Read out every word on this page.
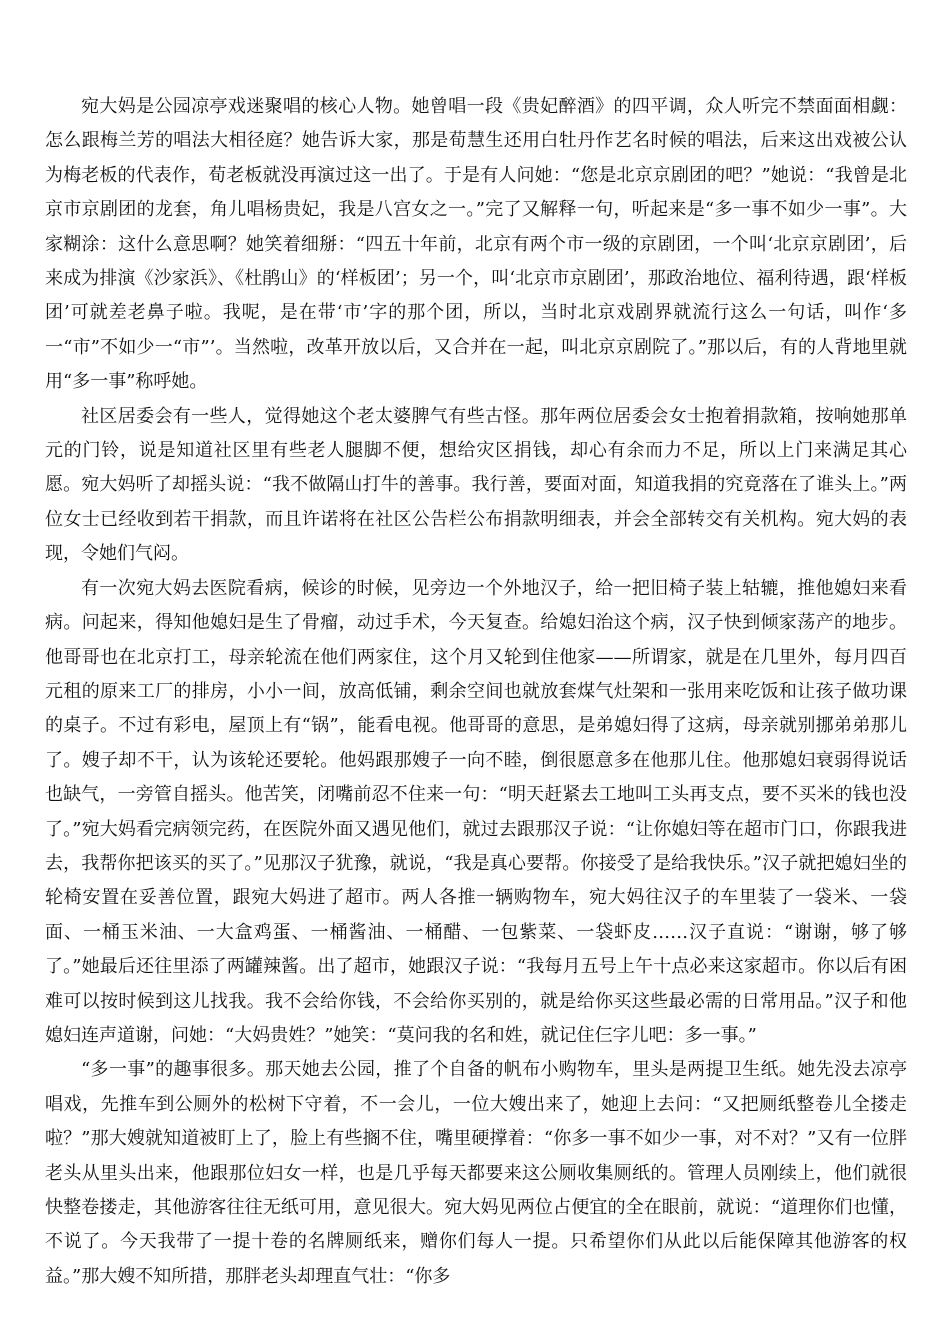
宛大妈是公园凉亭戏迷聚唱的核心人物。她曾唱一段《贵妃醉酒》的四平调，众人听完不禁面面相觑：怎么跟梅兰芳的唱法大相径庭？她告诉大家，那是荀慧生还用白牡丹作艺名时候的唱法，后来这出戏被公认为梅老板的代表作，荀老板就没再演过这一出了。于是有人问她：“您是北京京剧团的吧？”她说：“我曾是北京市京剧团的龙套，角儿唱杨贵妃，我是八宫女之一。”完了又解释一句，听起来是“多一事不如少一事”。大家糊涂：这什么意思啊？她笑着细掰：“四五十年前，北京有两个市一级的京剧团，一个叫‘北京京剧团’，后来成为排演《沙家浜》、《杜鹃山》的‘样板团’；另一个，叫‘北京市京剧团’，那政治地位、福利待遇，跟‘样板团’可就差老鼻子啦。我呢，是在带‘市’字的那个团，所以，当时北京戏剧界就流行这么一句话，叫作‘多一“市”不如少一“市”’。当然啦，改革开放以后，又合并在一起，叫北京京剧院了。”那以后，有的人背地里就用“多一事”称呼她。

社区居委会有一些人，觉得她这个老太婆脾气有些古怪。那年两位居委会女士抱着捐款箱，按响她那单元的门铃，说是知道社区里有些老人腿脚不便，想给灾区捐钱，却心有余而力不足，所以上门来满足其心愿。宛大妈听了却摇头说：“我不做隔山打牛的善事。我行善，要面对面，知道我捐的究竟落在了谁头上。”两位女士已经收到若干捐款，而且许诺将在社区公告栏公布捐款明细表，并会全部转交有关机构。宛大妈的表现，令她们气闷。

有一次宛大妈去医院看病，候诊的时候，见旁边一个外地汉子，给一把旧椅子装上轱辘，推他媳妇来看病。问起来，得知他媳妇是生了骨瘤，动过手术，今天复查。给媳妇治这个病，汉子快到倾家荡产的地步。他哥哥也在北京打工，母亲轮流在他们两家住，这个月又轮到住他家——所谓家，就是在几里外，每月四百元租的原来工厂的排房，小小一间，放高低铺，剩余空间也就放套煤气灶架和一张用来吃饭和让孩子做功课的桌子。不过有彩电，屋顶上有“锅”，能看电视。他哥哥的意思，是弟媳妇得了这病，母亲就别挪弟弟那儿了。嫂子却不干，认为该轮还要轮。他妈跟那嫂子一向不睦，倒很愿意多在他那儿住。他那媳妇衰弱得说话也缺气，一旁管自摇头。他苦笑，闭嘴前忍不住来一句：“明天赶紧去工地叫工头再支点，要不买米的钱也没了。”宛大妈看完病领完药，在医院外面又遇见他们，就过去跟那汉子说：“让你媳妇等在超市门口，你跟我进去，我帮你把该买的买了。”见那汉子犹豫，就说，“我是真心要帮。你接受了是给我快乐。”汉子就把媳妇坐的轮椅安置在妥善位置，跟宛大妈进了超市。两人各推一辆购物车，宛大妈往汉子的车里装了一袋米、一袋面、一桶玉米油、一大盒鸡蛋、一桶酱油、一桶醋、一包紫菜、一袋虾皮……汉子直说：“谢谢，够了够了。”她最后还往里添了两罐辣酱。出了超市，她跟汉子说：“我每月五号上午十点必来这家超市。你以后有困难可以按时候到这儿找我。我不会给你钱，不会给你买别的，就是给你买这些最必需的日常用品。”汉子和他媳妇连声道谢，问她：“大妈贵姓？”她笑：“莫问我的名和姓，就记住仨字儿吧：多一事。”

“多一事”的趣事很多。那天她去公园，推了个自备的帆布小购物车，里头是两提卫生纸。她先没去凉亭唱戏，先推车到公厕外的松树下守着，不一会儿，一位大嫂出来了，她迎上去问：“又把厕纸整卷儿全搂走啦？”那大嫂就知道被盯上了，脸上有些搁不住，嘴里硬撑着：“你多一事不如少一事，对不对？”又有一位胖老头从里头出来，他跟那位妇女一样，也是几乎每天都要来这公厕收集厕纸的。管理人员刚续上，他们就很快整卷搂走，其他游客往往无纸可用，意见很大。宛大妈见两位占便宜的全在眼前，就说：“道理你们也懂，不说了。今天我带了一提十卷的名牌厕纸来，赠你们每人一提。只希望你们从此以后能保障其他游客的权益。”那大嫂不知所措，那胖老头却理直气壮：“你多
